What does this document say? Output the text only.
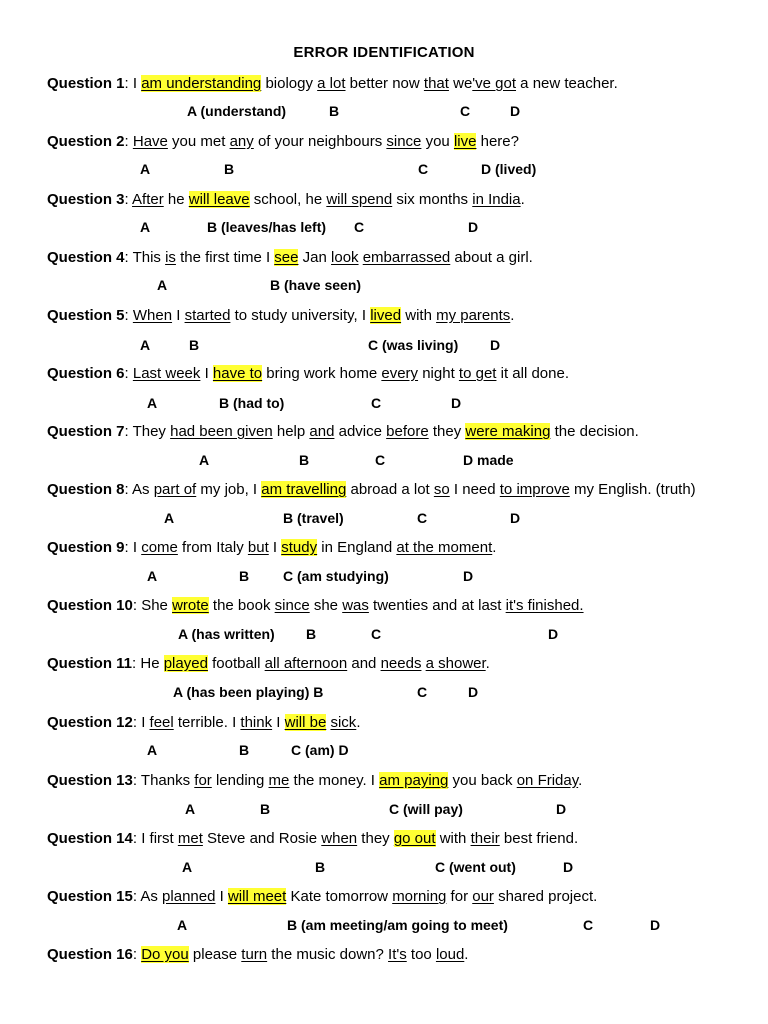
ERROR IDENTIFICATION
Question 1: I am understanding biology a lot better now that we've got a new teacher.
A (understand)	B	C	D
Question 2: Have you met any of your neighbours since you live here?
A	B	C	D (lived)
Question 3: After he will leave school, he will spend six months in India.
A	B (leaves/has left) C	D
Question 4: This is the first time I see Jan look embarrassed about a girl.
A	B (have seen)
Question 5: When I started to study university, I lived with my parents.
A	B	C (was living) D
Question 6: Last week I have to bring work home every night to get it all done.
A	B (had to)	C	D
Question 7: They had been given help and advice before they were making the decision.
A	B	C	D made
Question 8: As part of my job, I am travelling abroad a lot so I need to improve my English. (truth)
A	B (travel)	C	D
Question 9: I come from Italy but I study in England at the moment.
A	B C (am studying)	D
Question 10: She wrote the book since she was twenties and at last it's finished.
A (has written) B	C	D
Question 11: He played football all afternoon and needs a shower.
A (has been playing) B	C	D
Question 12: I feel terrible. I think I will be sick.
A	B	C (am) D
Question 13: Thanks for lending me the money. I am paying you back on Friday.
A	B	C (will pay)	D
Question 14: I first met Steve and Rosie when they go out with their best friend.
A	B	C (went out)	D
Question 15: As planned I will meet Kate tomorrow morning for our shared project.
A	B (am meeting/am going to meet)	C	D
Question 16: Do you please turn the music down? It's too loud.
